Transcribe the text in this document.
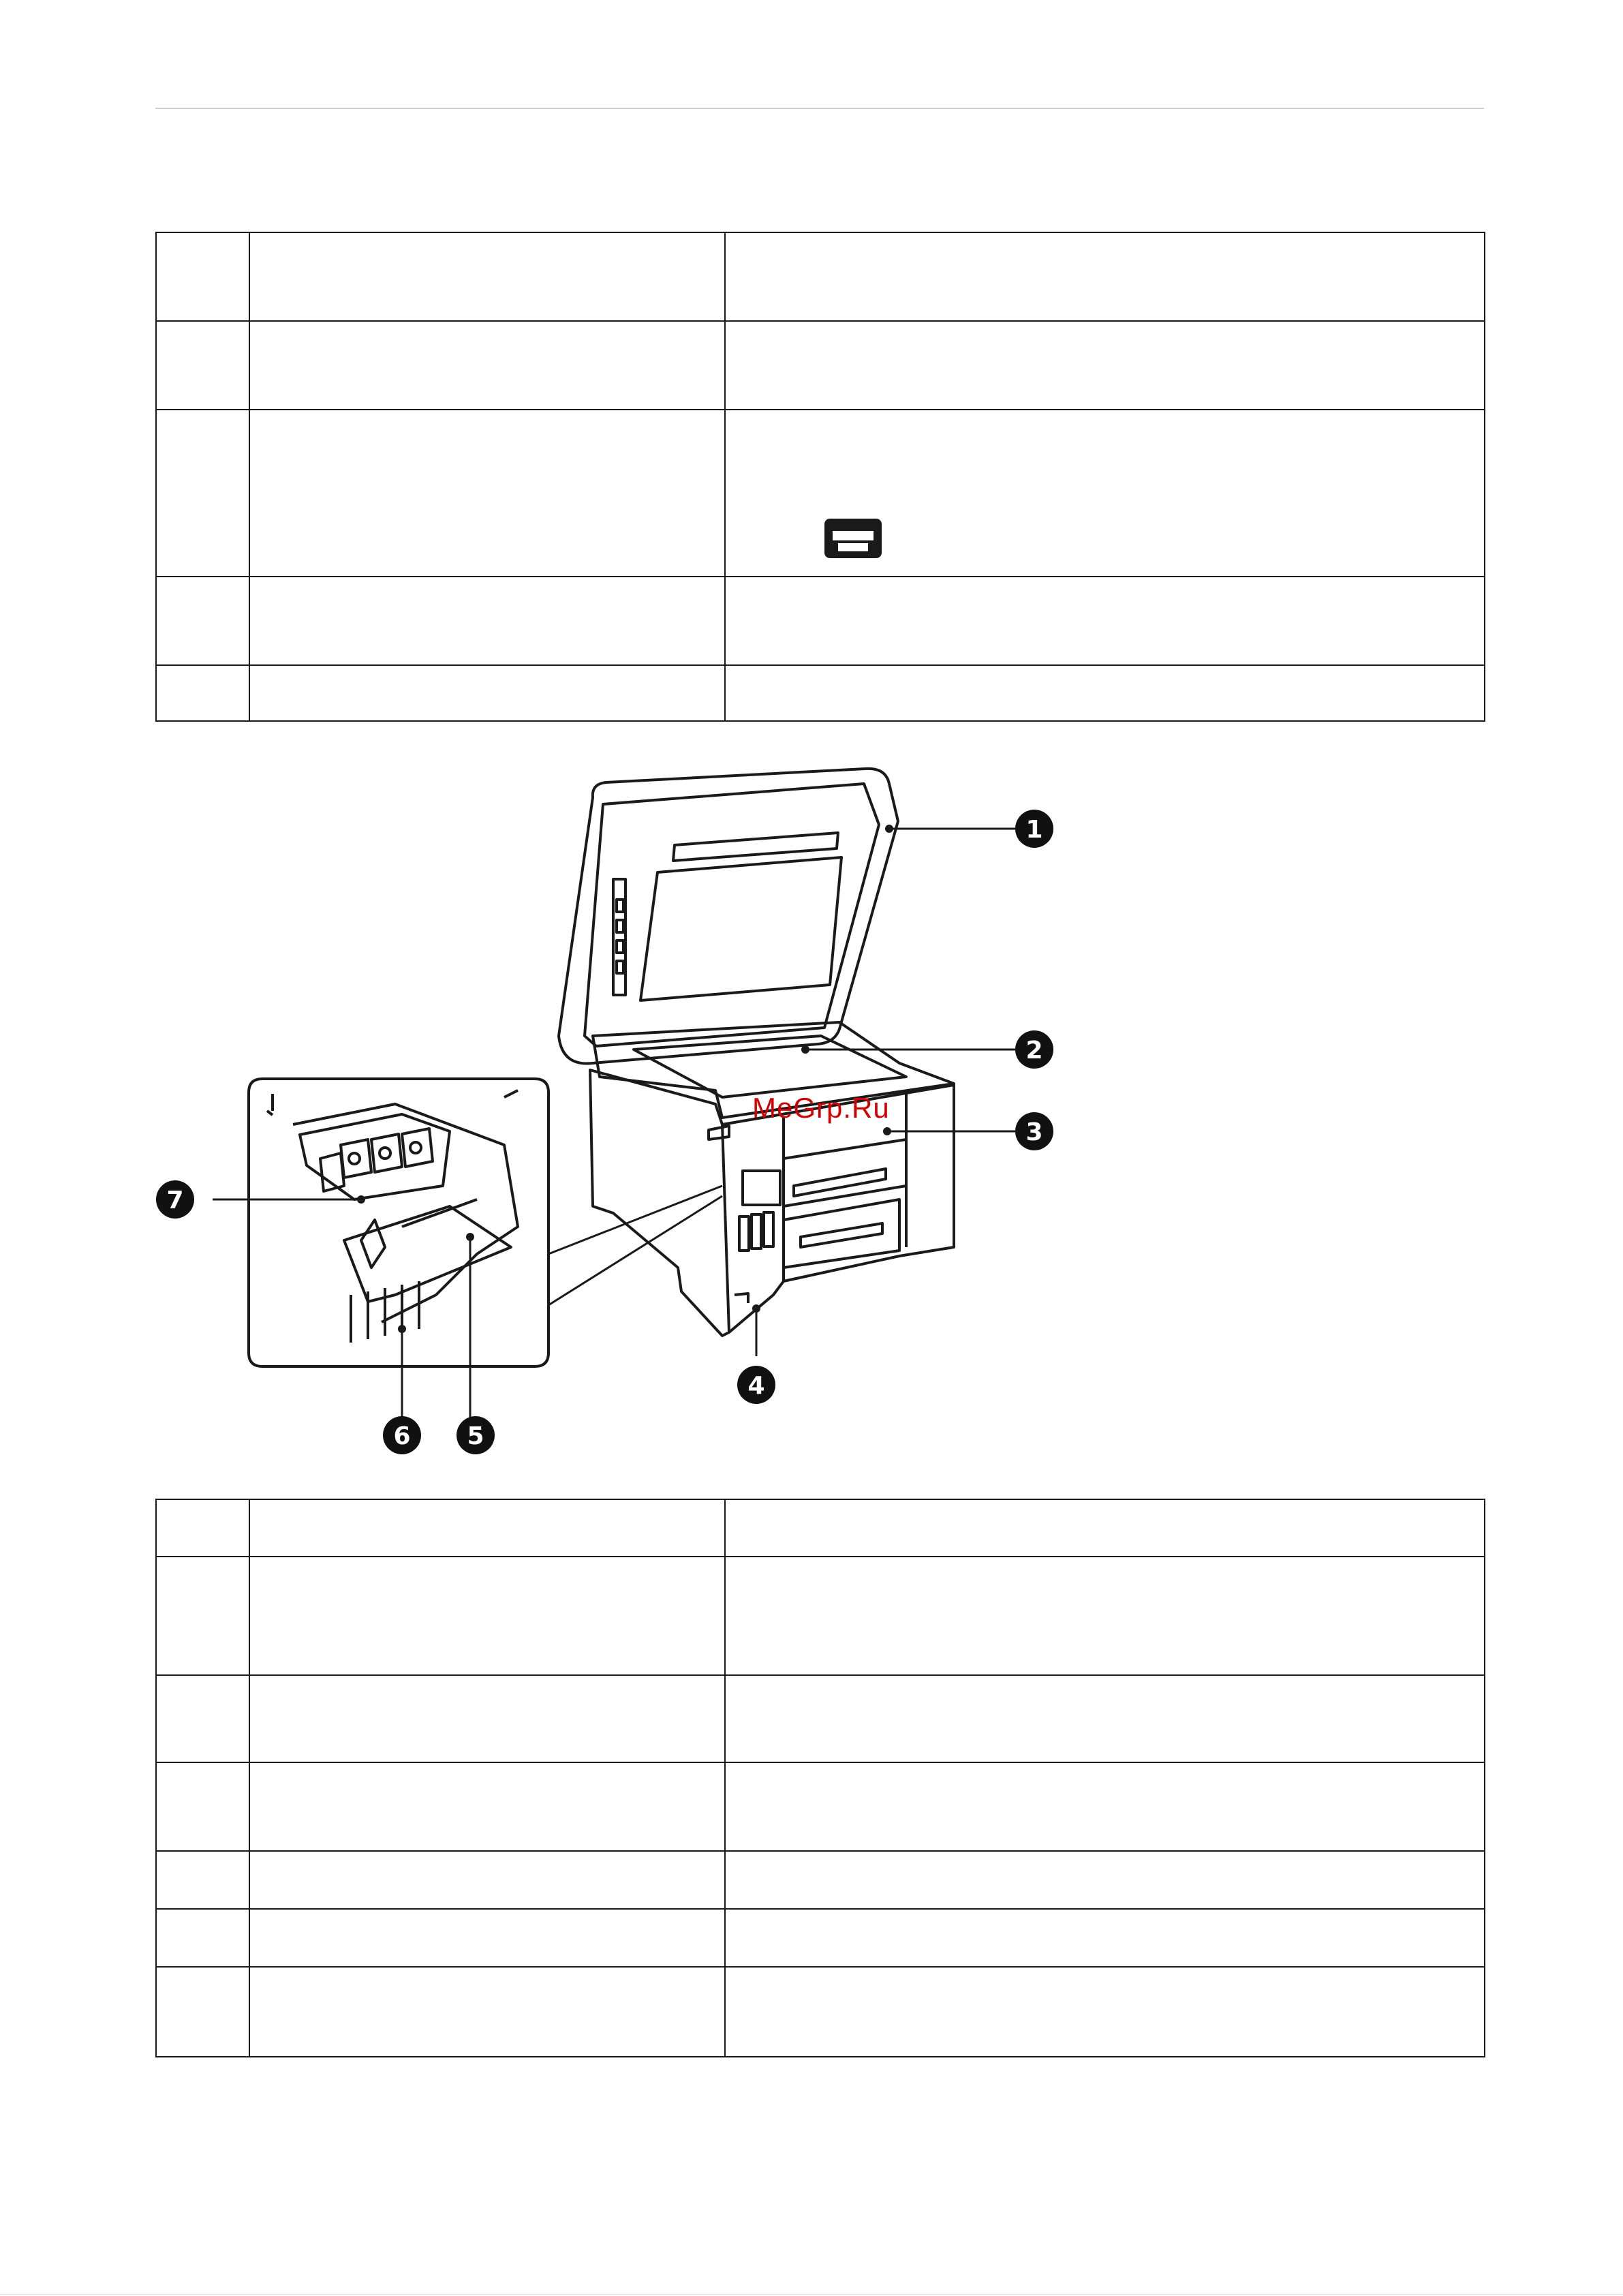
1
2
3
4
5
6
7
MeGrp.Ru
